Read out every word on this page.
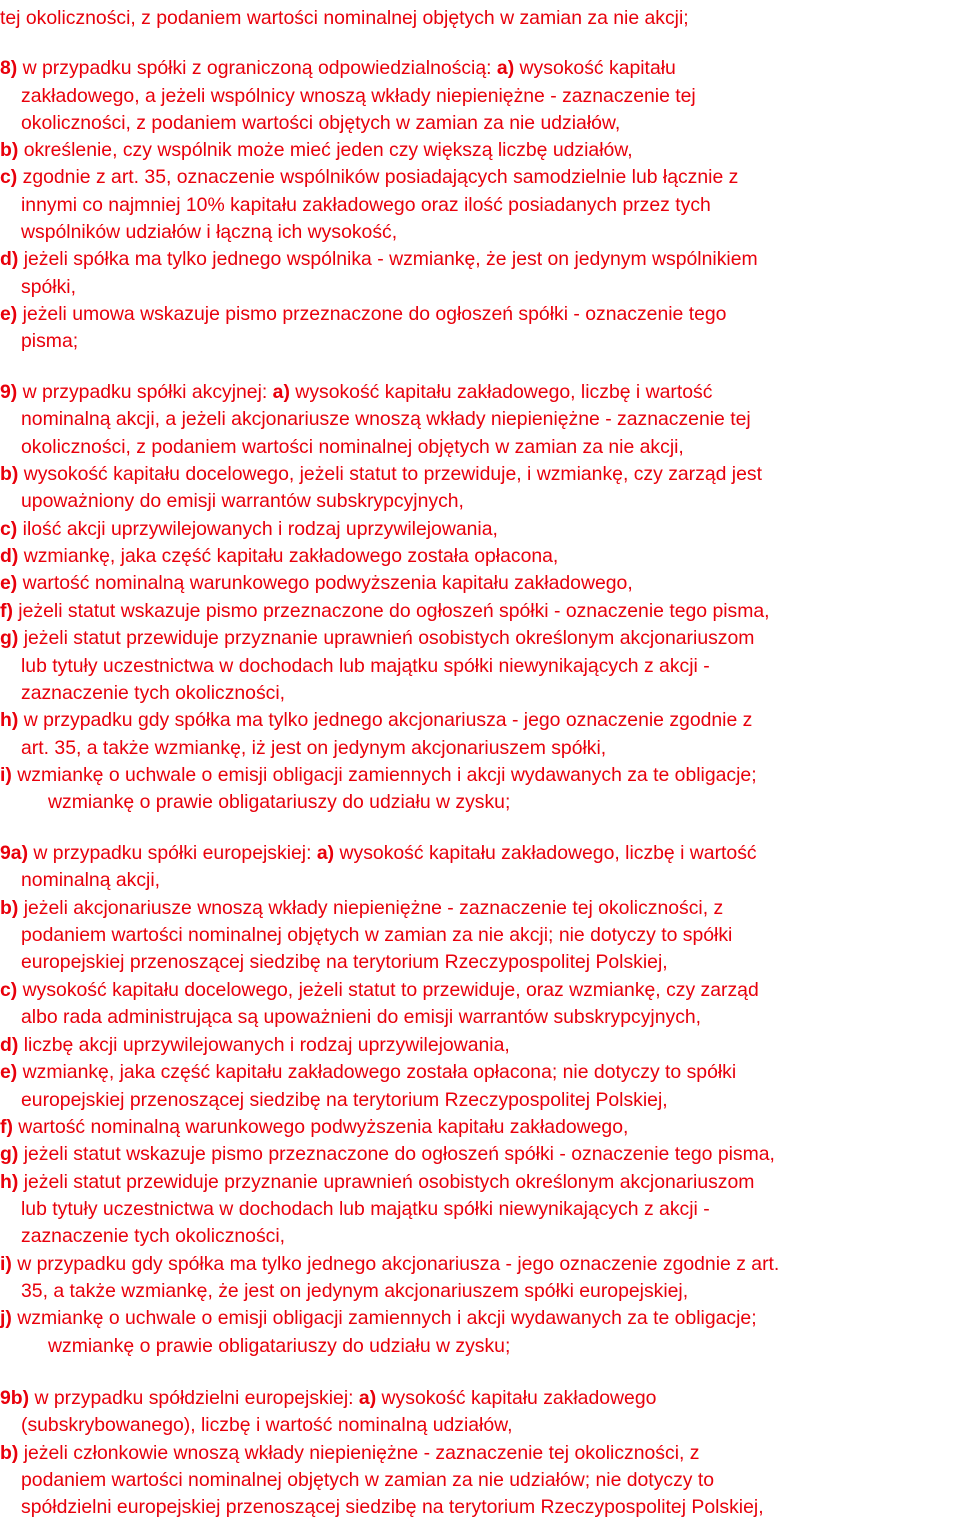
tej okoliczności, z podaniem wartości nominalnej objętych w zamian za nie akcji;
8) w przypadku spółki z ograniczoną odpowiedzialnością: a) wysokość kapitału
zakładowego, a jeżeli wspólnicy wnoszą wkłady niepieniężne - zaznaczenie tej
okoliczności, z podaniem wartości objętych w zamian za nie udziałów,
b) określenie, czy wspólnik może mieć jeden czy większą liczbę udziałów,
c) zgodnie z art. 35, oznaczenie wspólników posiadających samodzielnie lub łącznie z
innymi co najmniej 10% kapitału zakładowego oraz ilość posiadanych przez tych
wspólników udziałów i łączną ich wysokość,
d) jeżeli spółka ma tylko jednego wspólnika - wzmiankę, że jest on jedynym wspólnikiem
spółki,
e) jeżeli umowa wskazuje pismo przeznaczone do ogłoszeń spółki - oznaczenie tego
pisma;
9) w przypadku spółki akcyjnej: a) wysokość kapitału zakładowego, liczbę i wartość
nominalną akcji, a jeżeli akcjonariusze wnoszą wkłady niepieniężne - zaznaczenie tej
okoliczności, z podaniem wartości nominalnej objętych w zamian za nie akcji,
b) wysokość kapitału docelowego, jeżeli statut to przewiduje, i wzmiankę, czy zarząd jest
upoważniony do emisji warrantów subskrypcyjnych,
c) ilość akcji uprzywilejowanych i rodzaj uprzywilejowania,
d) wzmiankę, jaka część kapitału zakładowego została opłacona,
e) wartość nominalną warunkowego podwyższenia kapitału zakładowego,
f) jeżeli statut wskazuje pismo przeznaczone do ogłoszeń spółki - oznaczenie tego pisma,
g) jeżeli statut przewiduje przyznanie uprawnień osobistych określonym akcjonariuszom
lub tytuły uczestnictwa w dochodach lub majątku spółki niewynikających z akcji -
zaznaczenie tych okoliczności,
h) w przypadku gdy spółka ma tylko jednego akcjonariusza - jego oznaczenie zgodnie z
art. 35, a także wzmiankę, iż jest on jedynym akcjonariuszem spółki,
i) wzmiankę o uchwale o emisji obligacji zamiennych i akcji wydawanych za te obligacje;
wzmiankę o prawie obligatariuszy do udziału w zysku;
9a) w przypadku spółki europejskiej: a) wysokość kapitału zakładowego, liczbę i wartość
nominalną akcji,
b) jeżeli akcjonariusze wnoszą wkłady niepieniężne - zaznaczenie tej okoliczności, z
podaniem wartości nominalnej objętych w zamian za nie akcji; nie dotyczy to spółki
europejskiej przenoszącej siedzibę na terytorium Rzeczypospolitej Polskiej,
c) wysokość kapitału docelowego, jeżeli statut to przewiduje, oraz wzmiankę, czy zarząd
albo rada administrująca są upoważnieni do emisji warrantów subskrypcyjnych,
d) liczbę akcji uprzywilejowanych i rodzaj uprzywilejowania,
e) wzmiankę, jaka część kapitału zakładowego została opłacona; nie dotyczy to spółki
europejskiej przenoszącej siedzibę na terytorium Rzeczypospolitej Polskiej,
f) wartość nominalną warunkowego podwyższenia kapitału zakładowego,
g) jeżeli statut wskazuje pismo przeznaczone do ogłoszeń spółki - oznaczenie tego pisma,
h) jeżeli statut przewiduje przyznanie uprawnień osobistych określonym akcjonariuszom
lub tytuły uczestnictwa w dochodach lub majątku spółki niewynikających z akcji -
zaznaczenie tych okoliczności,
i) w przypadku gdy spółka ma tylko jednego akcjonariusza - jego oznaczenie zgodnie z art.
35, a także wzmiankę, że jest on jedynym akcjonariuszem spółki europejskiej,
j) wzmiankę o uchwale o emisji obligacji zamiennych i akcji wydawanych za te obligacje;
wzmiankę o prawie obligatariuszy do udziału w zysku;
9b) w przypadku spółdzielni europejskiej: a) wysokość kapitału zakładowego
(subskrybowanego), liczbę i wartość nominalną udziałów,
b) jeżeli członkowie wnoszą wkłady niepieniężne - zaznaczenie tej okoliczności, z
podaniem wartości nominalnej objętych w zamian za nie udziałów; nie dotyczy to
spółdzielni europejskiej przenoszącej siedzibę na terytorium Rzeczypospolitej Polskiej,
